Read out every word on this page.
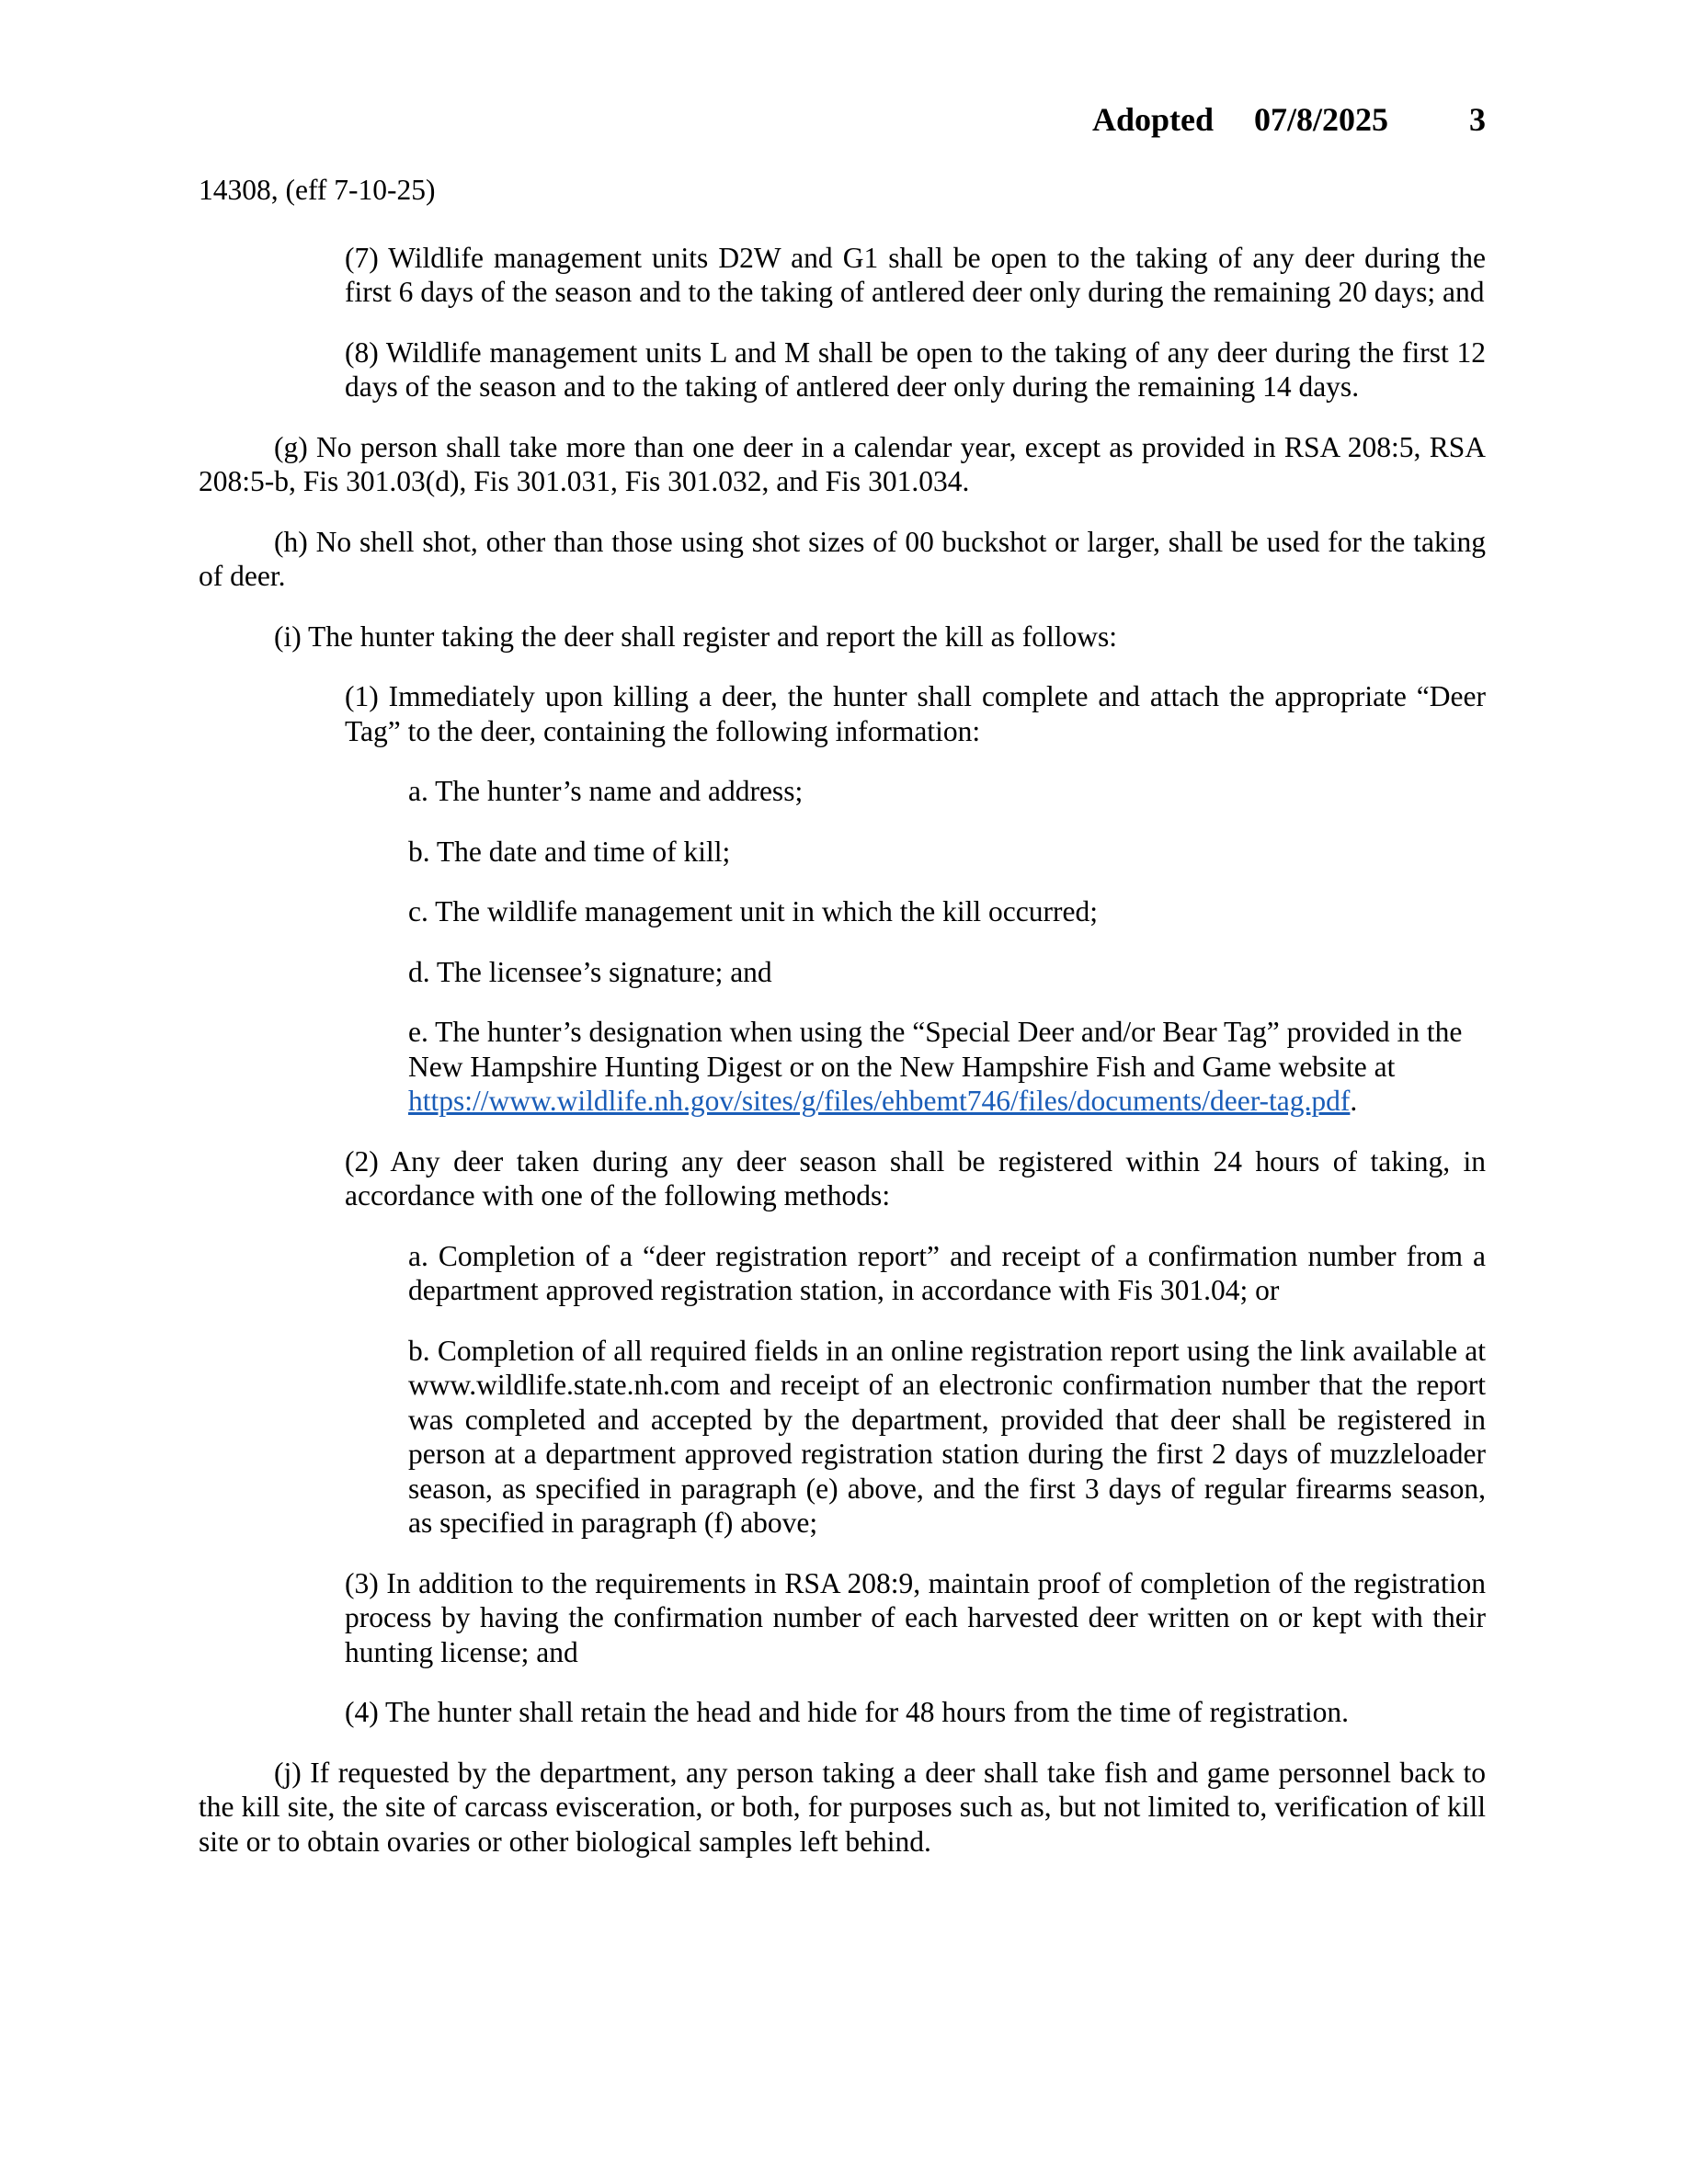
Adopted 07/8/2025 3

14308, (eff 7-10-25)

(7) Wildlife management units D2W and G1 shall be open to the taking of any deer during the first 6 days of the season and to the taking of antlered deer only during the remaining 20 days; and

(8) Wildlife management units L and M shall be open to the taking of any deer during the first 12 days of the season and to the taking of antlered deer only during the remaining 14 days.

(g) No person shall take more than one deer in a calendar year, except as provided in RSA 208:5, RSA 208:5-b, Fis 301.03(d), Fis 301.031, Fis 301.032, and Fis 301.034.

(h) No shell shot, other than those using shot sizes of 00 buckshot or larger, shall be used for the taking of deer.

(i) The hunter taking the deer shall register and report the kill as follows:

(1) Immediately upon killing a deer, the hunter shall complete and attach the appropriate “Deer Tag” to the deer, containing the following information:

a. The hunter’s name and address;

b. The date and time of kill;

c. The wildlife management unit in which the kill occurred;

d. The licensee’s signature; and

e. The hunter’s designation when using the “Special Deer and/or Bear Tag” provided in the New Hampshire Hunting Digest or on the New Hampshire Fish and Game website at https://www.wildlife.nh.gov/sites/g/files/ehbemt746/files/documents/deer-tag.pdf.

(2) Any deer taken during any deer season shall be registered within 24 hours of taking, in accordance with one of the following methods:

a. Completion of a “deer registration report” and receipt of a confirmation number from a department approved registration station, in accordance with Fis 301.04; or

b. Completion of all required fields in an online registration report using the link available at www.wildlife.state.nh.com and receipt of an electronic confirmation number that the report was completed and accepted by the department, provided that deer shall be registered in person at a department approved registration station during the first 2 days of muzzleloader season, as specified in paragraph (e) above, and the first 3 days of regular firearms season, as specified in paragraph (f) above;

(3) In addition to the requirements in RSA 208:9, maintain proof of completion of the registration process by having the confirmation number of each harvested deer written on or kept with their hunting license; and

(4) The hunter shall retain the head and hide for 48 hours from the time of registration.

(j) If requested by the department, any person taking a deer shall take fish and game personnel back to the kill site, the site of carcass evisceration, or both, for purposes such as, but not limited to, verification of kill site or to obtain ovaries or other biological samples left behind.
